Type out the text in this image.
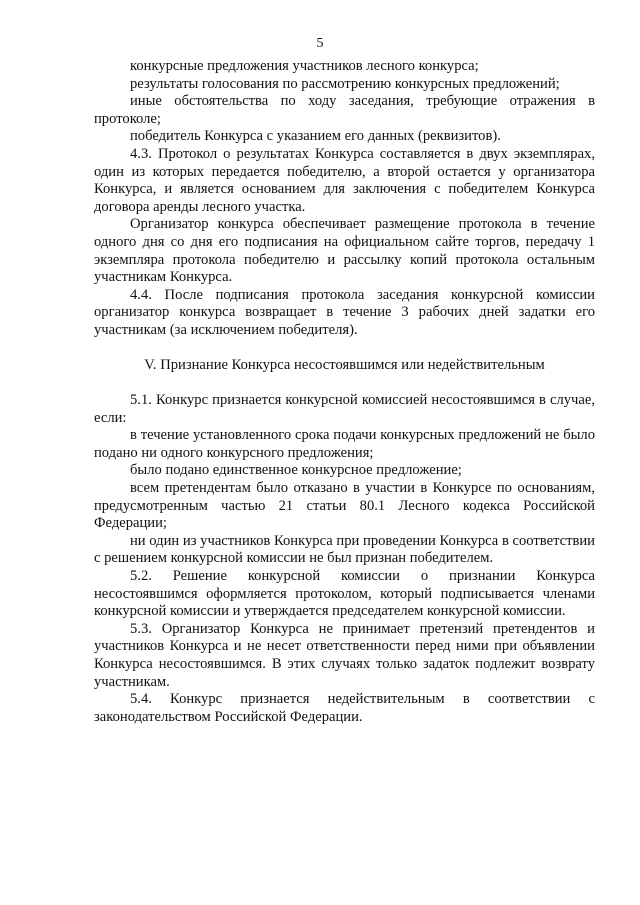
5

конкурсные предложения участников лесного конкурса;

результаты голосования по рассмотрению конкурсных предложений;

иные обстоятельства по ходу заседания, требующие отражения в протоколе;

победитель Конкурса с указанием его данных (реквизитов).

4.3. Протокол о результатах Конкурса составляется в двух экземплярах, один из которых передается победителю, а второй остается у организатора Конкурса, и является основанием для заключения с победителем Конкурса договора аренды лесного участка.

Организатор конкурса обеспечивает размещение протокола в течение одного дня со дня его подписания на официальном сайте торгов, передачу 1 экземпляра протокола победителю и рассылку копий протокола остальным участникам Конкурса.

4.4. После подписания протокола заседания конкурсной комиссии организатор конкурса возвращает в течение 3 рабочих дней задатки его участникам (за исключением победителя).

V. Признание Конкурса несостоявшимся или недействительным

5.1. Конкурс признается конкурсной комиссией несостоявшимся в случае, если:

в течение установленного срока подачи конкурсных предложений не было подано ни одного конкурсного предложения;

было подано единственное конкурсное предложение;

всем претендентам было отказано в участии в Конкурсе по основаниям, предусмотренным частью 21 статьи 80.1 Лесного кодекса Российской Федерации;

ни один из участников Конкурса при проведении Конкурса в соответствии с решением конкурсной комиссии не был признан победителем.

5.2. Решение конкурсной комиссии о признании Конкурса несостоявшимся оформляется протоколом, который подписывается членами конкурсной комиссии и утверждается председателем конкурсной комиссии.

5.3. Организатор Конкурса не принимает претензий претендентов и участников Конкурса и не несет ответственности перед ними при объявлении Конкурса несостоявшимся. В этих случаях только задаток подлежит возврату участникам.

5.4. Конкурс признается недействительным в соответствии с законодательством Российской Федерации.
